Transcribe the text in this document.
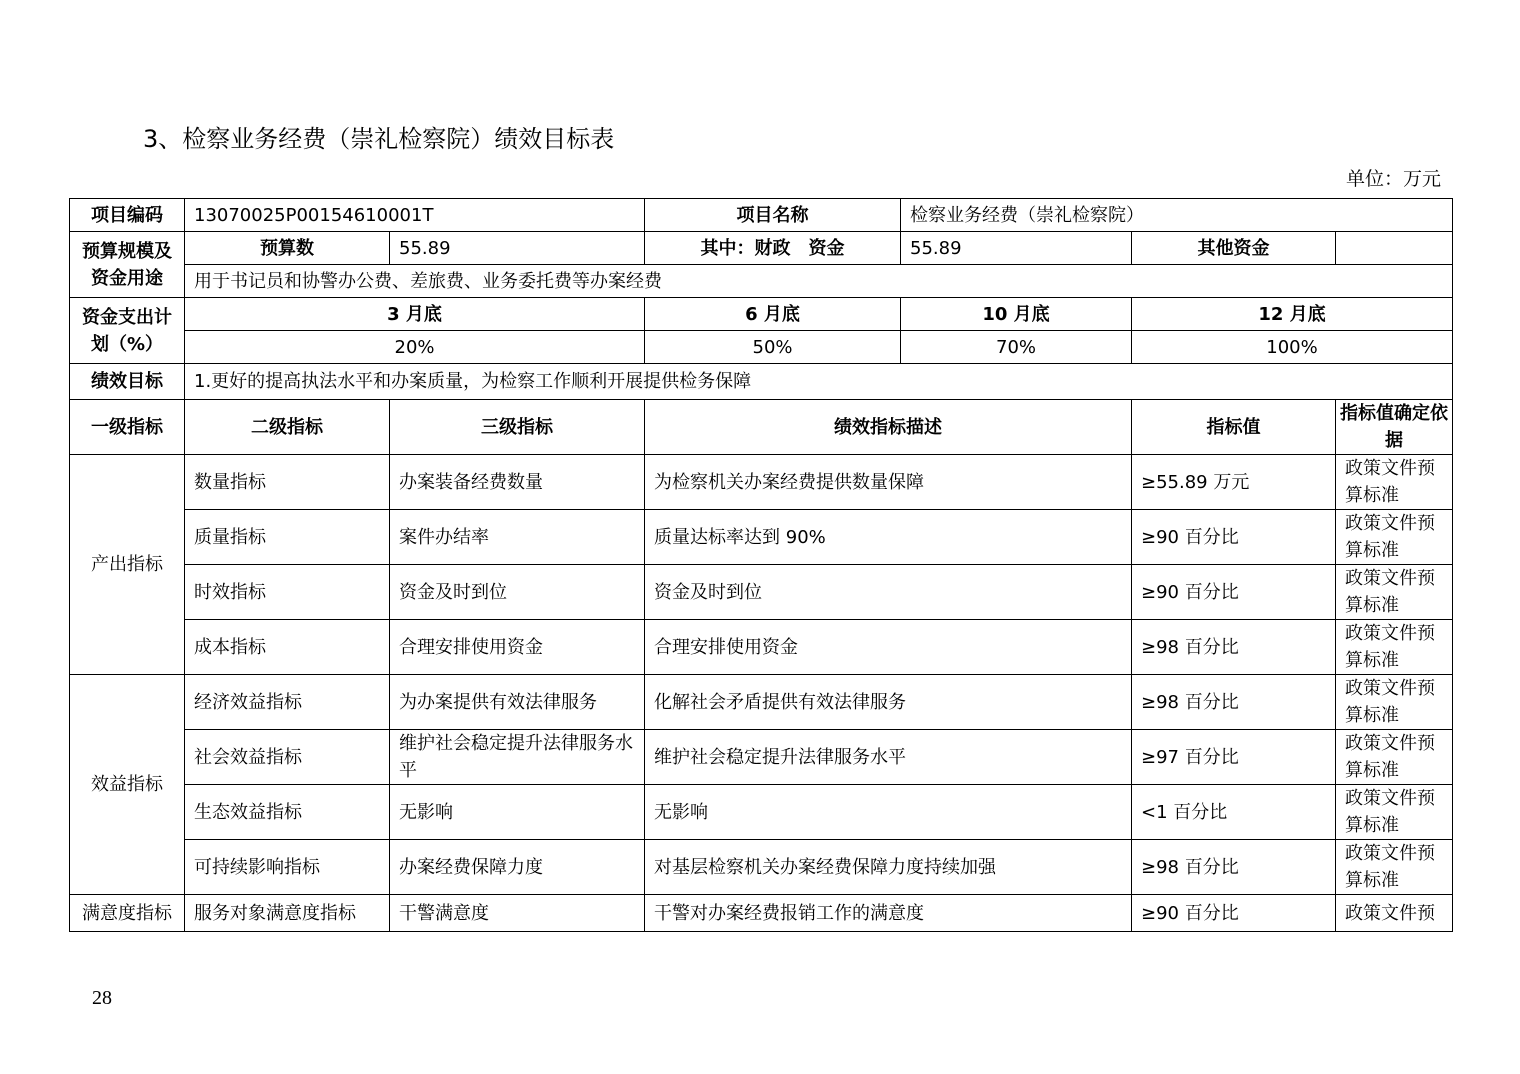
3、检察业务经费（崇礼检察院）绩效目标表
单位：万元
项目编码	13070025P00154610001T		项目名称	检察业务经费（崇礼检察院）		
预算规模及资金用途	预算数	55.89	其中：财政　资金	55.89	其他资金	
	用于书记员和协警办公费、差旅费、业务委托费等办案经费					
资金支出计划（%）	3 月底		6 月底	10 月底	12 月底	
	20%		50%	70%	100%	
绩效目标	1.更好的提高执法水平和办案质量，为检察工作顺利开展提供检务保障					
一级指标	二级指标	三级指标	绩效指标描述		指标值	指标值确定依据
产出指标	数量指标	办案装备经费数量	为检察机关办案经费提供数量保障		≥55.89 万元	政策文件预算标准
	质量指标	案件办结率	质量达标率达到 90%		≥90 百分比	政策文件预算标准
	时效指标	资金及时到位	资金及时到位		≥90 百分比	政策文件预算标准
	成本指标	合理安排使用资金	合理安排使用资金		≥98 百分比	政策文件预算标准
效益指标	经济效益指标	为办案提供有效法律服务	化解社会矛盾提供有效法律服务		≥98 百分比	政策文件预算标准
	社会效益指标	维护社会稳定提升法律服务水平	维护社会稳定提升法律服务水平		≥97 百分比	政策文件预算标准
	生态效益指标	无影响	无影响		<1 百分比	政策文件预算标准
	可持续影响指标	办案经费保障力度	对基层检察机关办案经费保障力度持续加强		≥98 百分比	政策文件预算标准
满意度指标	服务对象满意度指标	干警满意度	干警对办案经费报销工作的满意度		≥90 百分比	政策文件预
28
